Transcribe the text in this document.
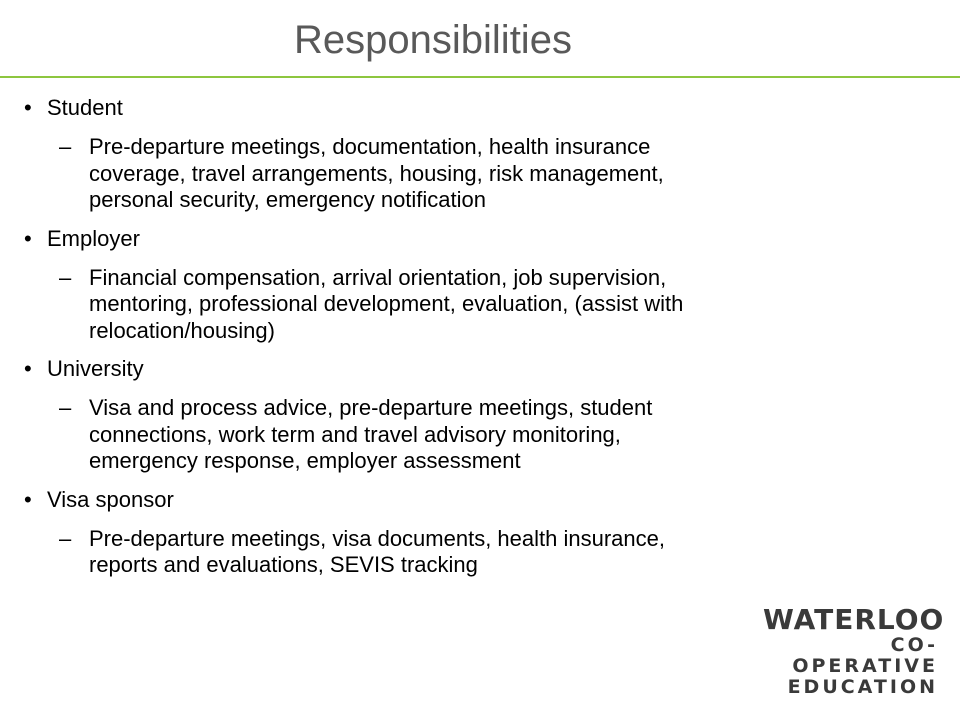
Responsibilities
• Student
– Pre-departure meetings, documentation, health insurance
coverage, travel arrangements, housing, risk management,
personal security, emergency notification
• Employer
– Financial compensation, arrival orientation, job supervision,
mentoring, professional development, evaluation, (assist with
relocation/housing)
• University
– Visa and process advice, pre-departure meetings, student
connections, work term and travel advisory monitoring,
emergency response, employer assessment
• Visa sponsor
– Pre-departure meetings, visa documents, health insurance,
reports and evaluations, SEVIS tracking
WATERLOO
CO-OPERATIVE
EDUCATION
